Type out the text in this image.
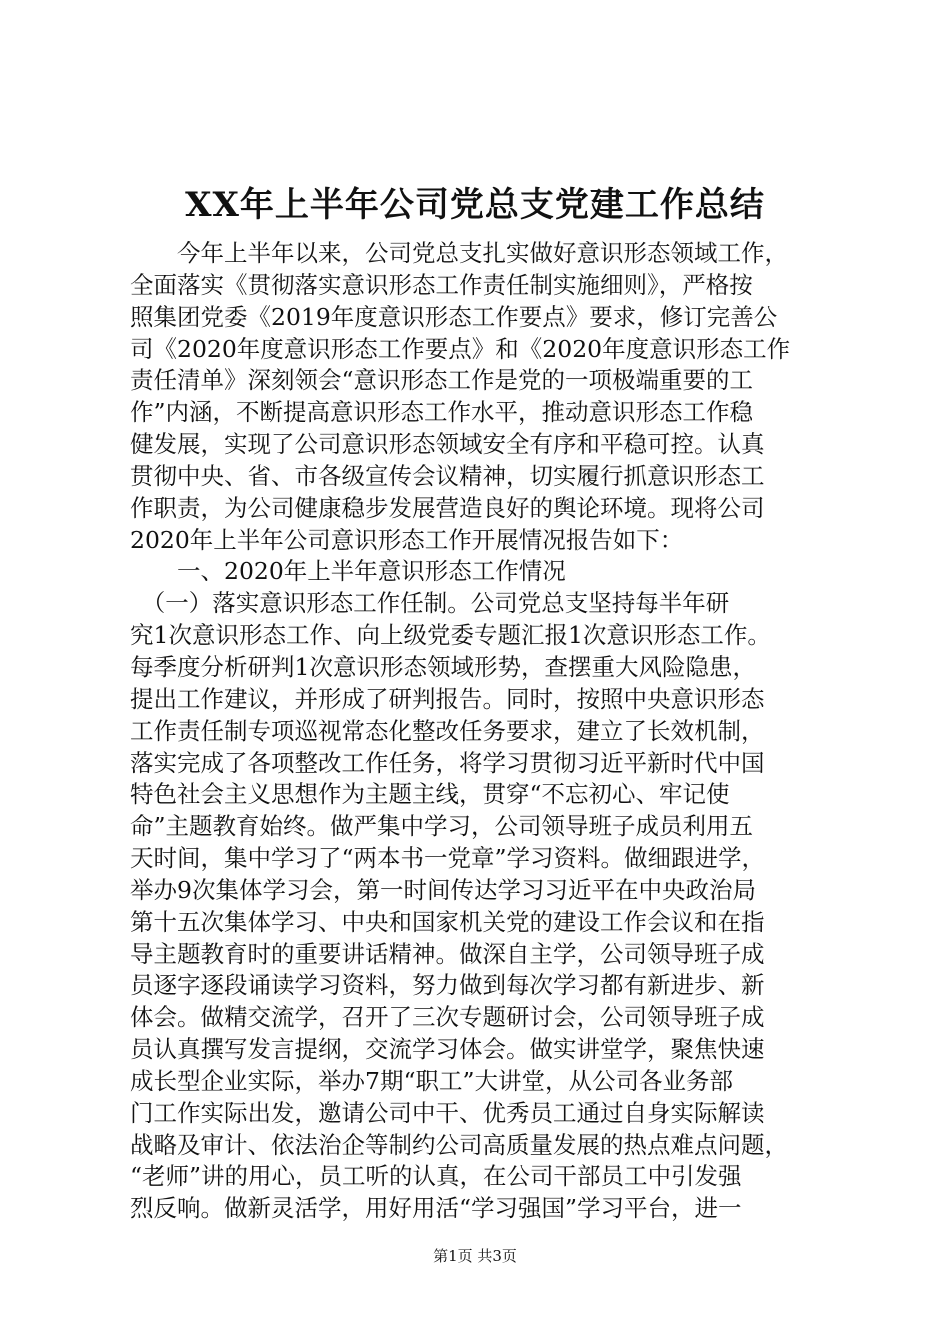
XX年上半年公司党总支党建工作总结
　　今年上半年以来，公司党总支扎实做好意识形态领域工作，
全面落实《贯彻落实意识形态工作责任制实施细则》，严格按
照集团党委《2019年度意识形态工作要点》要求，修订完善公
司《2020年度意识形态工作要点》和《2020年度意识形态工作
责任清单》深刻领会“意识形态工作是党的一项极端重要的工
作”内涵，不断提高意识形态工作水平，推动意识形态工作稳
健发展，实现了公司意识形态领域安全有序和平稳可控。认真
贯彻中央、省、市各级宣传会议精神，切实履行抓意识形态工
作职责，为公司健康稳步发展营造良好的舆论环境。现将公司
2020年上半年公司意识形态工作开展情况报告如下：
　　一、2020年上半年意识形态工作情况
　（一）落实意识形态工作任制。公司党总支坚持每半年研
究1次意识形态工作、向上级党委专题汇报1次意识形态工作。
每季度分析研判1次意识形态领域形势，查摆重大风险隐患，
提出工作建议，并形成了研判报告。同时，按照中央意识形态
工作责任制专项巡视常态化整改任务要求，建立了长效机制，
落实完成了各项整改工作任务，将学习贯彻习近平新时代中国
特色社会主义思想作为主题主线，贯穿“不忘初心、牢记使
命”主题教育始终。做严集中学习，公司领导班子成员利用五
天时间，集中学习了“两本书一党章”学习资料。做细跟进学，
举办9次集体学习会，第一时间传达学习习近平在中央政治局
第十五次集体学习、中央和国家机关党的建设工作会议和在指
导主题教育时的重要讲话精神。做深自主学，公司领导班子成
员逐字逐段诵读学习资料，努力做到每次学习都有新进步、新
体会。做精交流学，召开了三次专题研讨会，公司领导班子成
员认真撰写发言提纲，交流学习体会。做实讲堂学，聚焦快速
成长型企业实际，举办7期“职工”大讲堂，从公司各业务部
门工作实际出发，邀请公司中干、优秀员工通过自身实际解读
战略及审计、依法治企等制约公司高质量发展的热点难点问题，
“老师”讲的用心，员工听的认真，在公司干部员工中引发强
烈反响。做新灵活学，用好用活“学习强国”学习平台，进一
第1页 共3页
